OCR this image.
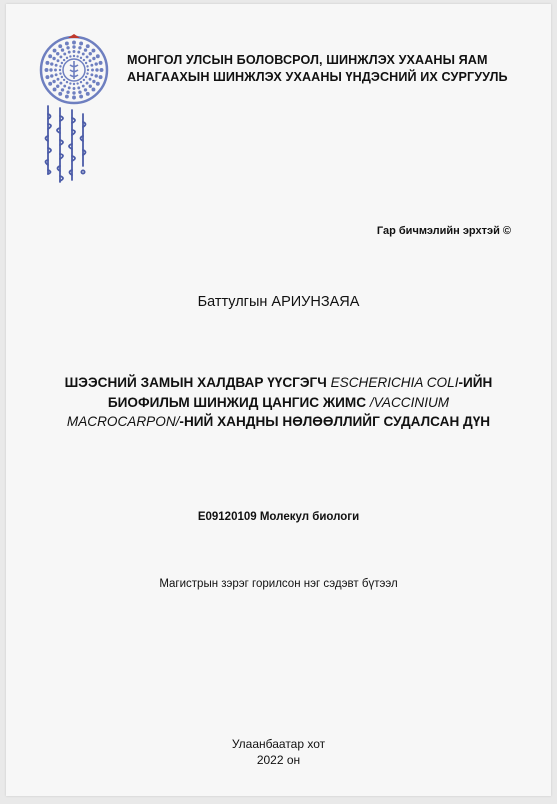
МОНГОЛ УЛСЫН БОЛОВСРОЛ, ШИНЖЛЭХ УХААНЫ ЯАМ
АНАГААХЫН ШИНЖЛЭХ УХААНЫ ҮНДЭСНИЙ ИХ СУРГУУЛЬ
Гар бичмэлийн эрхтэй ©
Баттулгын АРИУНЗАЯА
ШЭЭСНИЙ ЗАМЫН ХАЛДВАР ҮҮСГЭГЧ ESCHERICHIA COLI-ИЙН
БИОФИЛЬМ ШИНЖИД ЦАНГИС ЖИМС /VACCINIUM
MACROCARPON/-НИЙ ХАНДНЫ НӨЛӨӨЛЛИЙГ СУДАЛСАН ДҮН
E09120109 Молекул биологи
Магистрын зэрэг горилсон нэг сэдэвт бүтээл
Улаанбаатар хот
2022 он
